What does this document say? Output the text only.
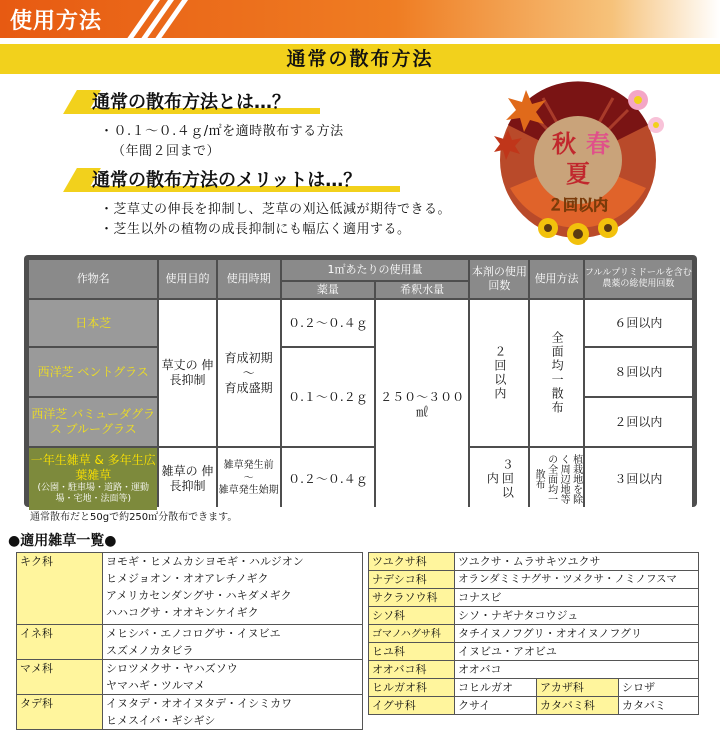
使用方法
通常の散布方法
通常の散布方法とは…？
・０.１〜０.４ｇ/㎡を適時散布する方法
（年間２回まで）
通常の散布方法のメリットは…？
・芝草丈の伸長を抑制し、芝草の刈込低減が期待できる。
・芝生以外の植物の成長抑制にも幅広く適用する。
秋 春
夏
２回以内
作物名	使用目的	使用時期	1㎡あたりの使用量		本剤の使用回数	使用方法	フルルプリミドールを含む農薬の総使用回数
			薬量	希釈水量			
日本芝	草丈の 伸長抑制	育成初期
〜
育成盛期	０.２〜０.４ｇ	２５０〜３００㎖	２回以内	全面均一散布	６回以内
西洋芝 ベントグラス			０.１〜０.２ｇ				８回以内
西洋芝 バミューダグラス ブルーグラス							２回以内
一年生雑草 & 多年生広葉雑草
(公園・駐車場・道路・運動場・宅地・法面等)	雑草の 伸長抑制	雑草発生前
〜
雑草発生始期	０.２〜０.４ｇ		３回以内	植栽地を除く周辺地等の全面均一散布	３回以内
通常散布だと50gで約250㎡分散布できます。
●適用雑草一覧●
キク科	ヨモギ・ヒメムカシヨモギ・ハルジオン
ヒメジョオン・オオアレチノギク
アメリカセンダングサ・ハキダメギク
ハハコグサ・オオキンケイギク

イネ科	メヒシバ・エノコログサ・イヌビエ
スズメノカタビラ

マメ科	シロツメクサ・ヤハズソウ
ヤマハギ・ツルマメ

タデ科	イヌタデ・オオイヌタデ・イシミカワ
ヒメスイバ・ギシギシ
ツユクサ科	ツユクサ・ムラサキツユクサ		
ナデシコ科	オランダミミナグサ・ツメクサ・ノミノフスマ		
サクラソウ科	コナスビ		
シソ科	シソ・ナギナタコウジュ		
ゴマノハグサ科	タチイヌノフグリ・オオイヌノフグリ		
ヒユ科	イヌビユ・アオビユ		
オオバコ科	オオバコ		
ヒルガオ科	コヒルガオ	アカザ科	シロザ
イグサ科	クサイ	カタバミ科	カタバミ
